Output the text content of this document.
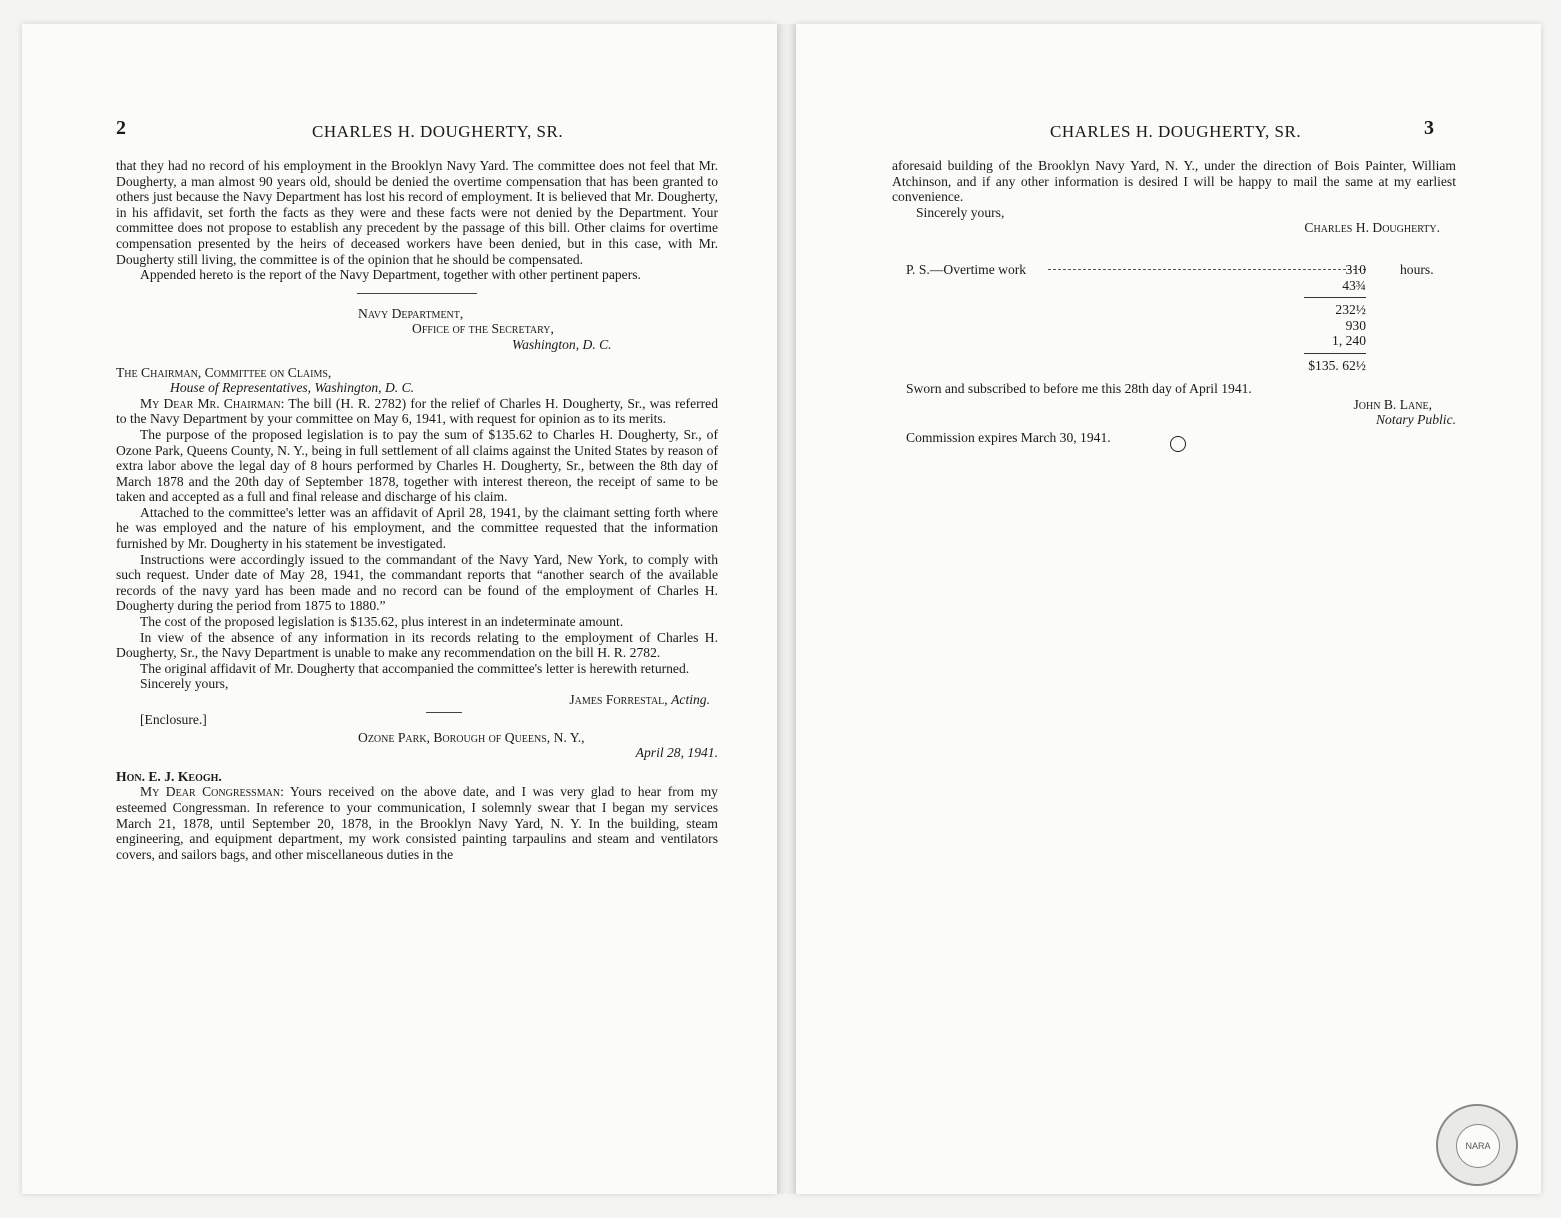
2	CHARLES H. DOUGHERTY, SR.

that they had no record of his employment in the Brooklyn Navy Yard. The committee does not feel that Mr. Dougherty, a man almost 90 years old, should be denied the overtime compensation that has been granted to others just because the Navy Department has lost his record of employment. It is believed that Mr. Dougherty, in his affidavit, set forth the facts as they were and these facts were not denied by the Department. Your committee does not propose to establish any precedent by the passage of this bill. Other claims for overtime compensation presented by the heirs of deceased workers have been denied, but in this case, with Mr. Dougherty still living, the committee is of the opinion that he should be compensated.

Appended hereto is the report of the Navy Department, together with other pertinent papers.

Navy Department,
Office of the Secretary,
Washington, D. C.
The Chairman, Committee on Claims,
House of Representatives, Washington, D. C.

My Dear Mr. Chairman: The bill (H. R. 2782) for the relief of Charles H. Dougherty, Sr., was referred to the Navy Department by your committee on May 6, 1941, with request for opinion as to its merits.

The purpose of the proposed legislation is to pay the sum of $135.62 to Charles H. Dougherty, Sr., of Ozone Park, Queens County, N. Y., being in full settlement of all claims against the United States by reason of extra labor above the legal day of 8 hours performed by Charles H. Dougherty, Sr., between the 8th day of March 1878 and the 20th day of September 1878, together with interest thereon, the receipt of same to be taken and accepted as a full and final release and discharge of his claim.

Attached to the committee's letter was an affidavit of April 28, 1941, by the claimant setting forth where he was employed and the nature of his employment, and the committee requested that the information furnished by Mr. Dougherty in his statement be investigated.

Instructions were accordingly issued to the commandant of the Navy Yard, New York, to comply with such request. Under date of May 28, 1941, the commandant reports that “another search of the available records of the navy yard has been made and no record can be found of the employment of Charles H. Dougherty during the period from 1875 to 1880.”

The cost of the proposed legislation is $135.62, plus interest in an indeterminate amount.

In view of the absence of any information in its records relating to the employment of Charles H. Dougherty, Sr., the Navy Department is unable to make any recommendation on the bill H. R. 2782.

The original affidavit of Mr. Dougherty that accompanied the committee's letter is herewith returned.

Sincerely yours,

James Forrestal, Acting.
[Enclosure.]
Ozone Park, Borough of Queens, N. Y.,
April 28, 1941.
Hon. E. J. Keogh.

My Dear Congressman: Yours received on the above date, and I was very glad to hear from my esteemed Congressman. In reference to your communication, I solemnly swear that I began my services March 21, 1878, until September 20, 1878, in the Brooklyn Navy Yard, N. Y. In the building, steam engineering, and equipment department, my work consisted painting tarpaulins and steam and ventilators covers, and sailors bags, and other miscellaneous duties in the

CHARLES H. DOUGHERTY, SR.	3

aforesaid building of the Brooklyn Navy Yard, N. Y., under the direction of Bois Painter, William Atchinson, and if any other information is desired I will be happy to mail the same at my earliest convenience.

Sincerely yours,

Charles H. Dougherty.
P. S.—Overtime work	310	hours.
43¾
232½
930
1, 240
$135. 62½
Sworn and subscribed to before me this 28th day of April 1941.
John B. Lane,
Notary Public.
Commission expires March 30, 1941.
NARA
